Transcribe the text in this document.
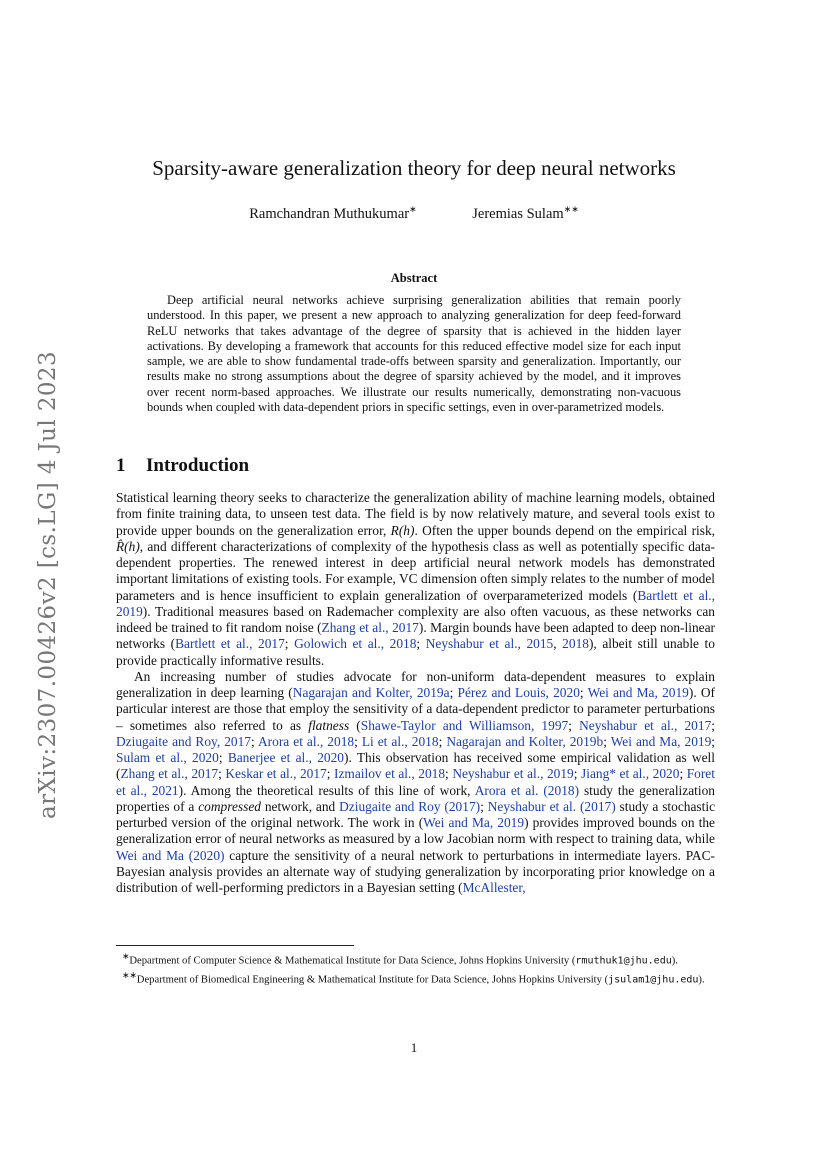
arXiv:2307.00426v2 [cs.LG] 4 Jul 2023
Sparsity-aware generalization theory for deep neural networks
Ramchandran Muthukumar∗	Jeremias Sulam∗∗
Abstract
Deep artificial neural networks achieve surprising generalization abilities that remain poorly understood. In this paper, we present a new approach to analyzing generalization for deep feed-forward ReLU networks that takes advantage of the degree of sparsity that is achieved in the hidden layer activations. By developing a framework that accounts for this reduced effective model size for each input sample, we are able to show fundamental trade-offs between sparsity and generalization. Importantly, our results make no strong assumptions about the degree of sparsity achieved by the model, and it improves over recent norm-based approaches. We illustrate our results numerically, demonstrating non-vacuous bounds when coupled with data-dependent priors in specific settings, even in over-parametrized models.
1 Introduction

Statistical learning theory seeks to characterize the generalization ability of machine learning models, obtained from finite training data, to unseen test data. The field is by now relatively mature, and several tools exist to provide upper bounds on the generalization error, R(h). Often the upper bounds depend on the empirical risk, R̂(h), and different characterizations of complexity of the hypothesis class as well as potentially specific data-dependent properties. The renewed interest in deep artificial neural network models has demonstrated important limitations of existing tools. For example, VC dimension often simply relates to the number of model parameters and is hence insufficient to explain generalization of overparameterized models (Bartlett et al., 2019). Traditional measures based on Rademacher complexity are also often vacuous, as these networks can indeed be trained to fit random noise (Zhang et al., 2017). Margin bounds have been adapted to deep non-linear networks (Bartlett et al., 2017; Golowich et al., 2018; Neyshabur et al., 2015, 2018), albeit still unable to provide practically informative results.

An increasing number of studies advocate for non-uniform data-dependent measures to explain generalization in deep learning (Nagarajan and Kolter, 2019a; Pérez and Louis, 2020; Wei and Ma, 2019). Of particular interest are those that employ the sensitivity of a data-dependent predictor to parameter perturbations – sometimes also referred to as flatness (Shawe-Taylor and Williamson, 1997; Neyshabur et al., 2017; Dziugaite and Roy, 2017; Arora et al., 2018; Li et al., 2018; Nagarajan and Kolter, 2019b; Wei and Ma, 2019; Sulam et al., 2020; Banerjee et al., 2020). This observation has received some empirical validation as well (Zhang et al., 2017; Keskar et al., 2017; Izmailov et al., 2018; Neyshabur et al., 2019; Jiang* et al., 2020; Foret et al., 2021). Among the theoretical results of this line of work, Arora et al. (2018) study the generalization properties of a compressed network, and Dziugaite and Roy (2017); Neyshabur et al. (2017) study a stochastic perturbed version of the original network. The work in (Wei and Ma, 2019) provides improved bounds on the generalization error of neural networks as measured by a low Jacobian norm with respect to training data, while Wei and Ma (2020) capture the sensitivity of a neural network to perturbations in intermediate layers. PAC-Bayesian analysis provides an alternate way of studying generalization by incorporating prior knowledge on a distribution of well-performing predictors in a Bayesian setting (McAllester,

∗Department of Computer Science & Mathematical Institute for Data Science, Johns Hopkins University (rmuthuk1@jhu.edu).

∗∗Department of Biomedical Engineering & Mathematical Institute for Data Science, Johns Hopkins University (jsulam1@jhu.edu).

1
